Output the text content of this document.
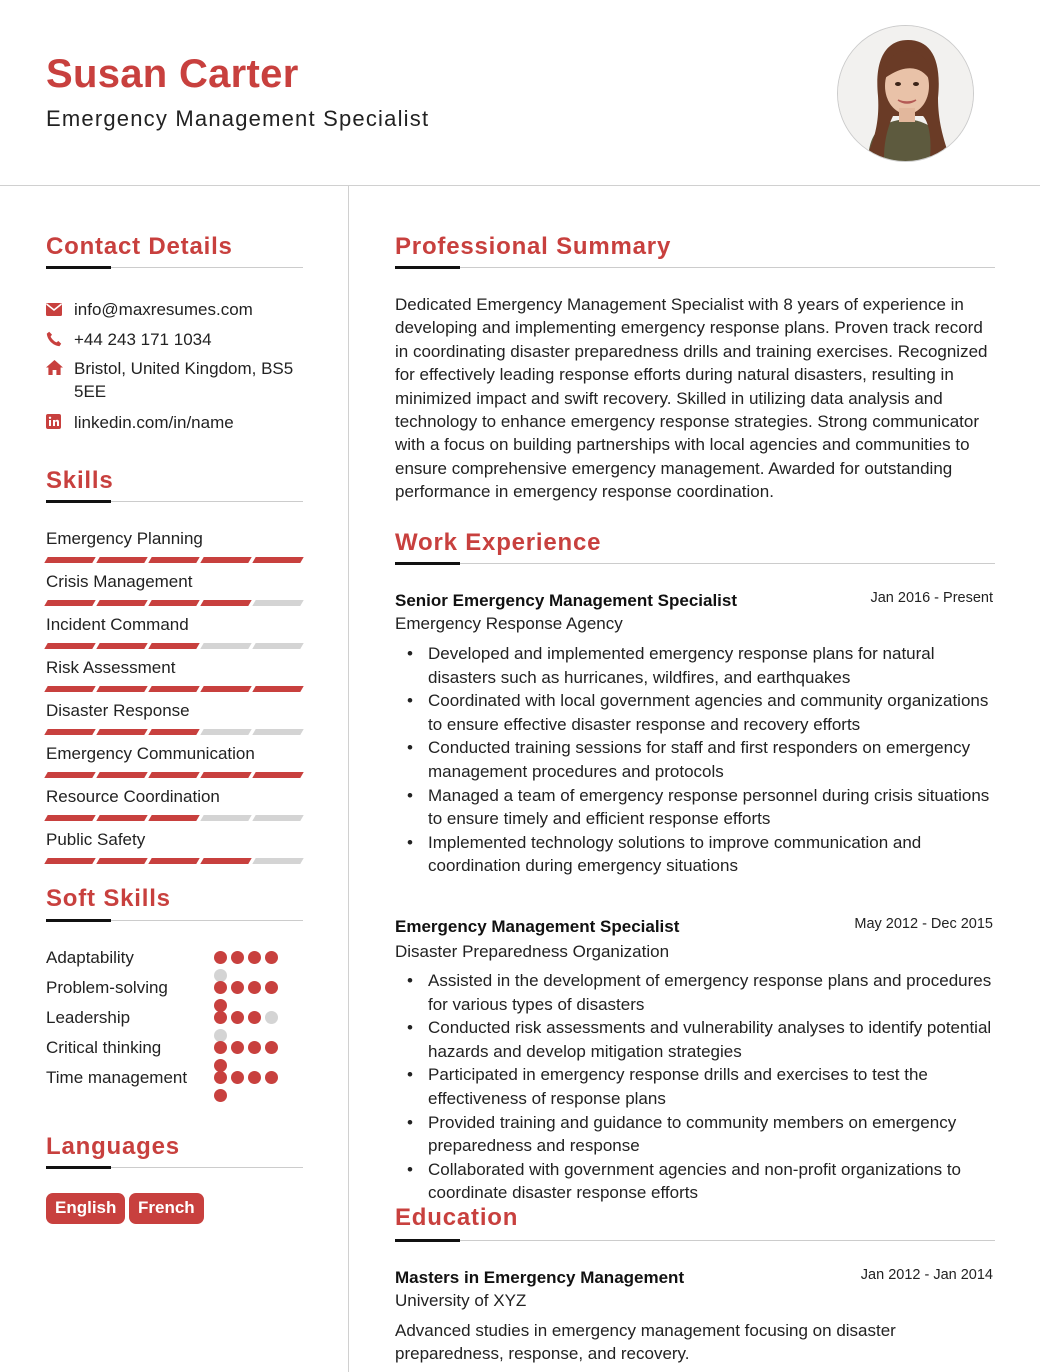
Susan Carter
Emergency Management Specialist
Contact Details
info@maxresumes.com
+44 243 171 1034
Bristol, United Kingdom, BS5 5EE
linkedin.com/in/name
Skills
Emergency Planning
Crisis Management
Incident Command
Risk Assessment
Disaster Response
Emergency Communication
Resource Coordination
Public Safety
Soft Skills
Adaptability
Problem-solving
Leadership
Critical thinking
Time management
Languages
English	French
Professional Summary
Dedicated Emergency Management Specialist with 8 years of experience in developing and implementing emergency response plans. Proven track record in coordinating disaster preparedness drills and training exercises. Recognized for effectively leading response efforts during natural disasters, resulting in minimized impact and swift recovery. Skilled in utilizing data analysis and technology to enhance emergency response strategies. Strong communicator with a focus on building partnerships with local agencies and communities to ensure comprehensive emergency management. Awarded for outstanding performance in emergency response coordination.
Work Experience
Senior Emergency Management Specialist	Jan 2016 - Present
Emergency Response Agency
• Developed and implemented emergency response plans for natural disasters such as hurricanes, wildfires, and earthquakes
• Coordinated with local government agencies and community organizations to ensure effective disaster response and recovery efforts
• Conducted training sessions for staff and first responders on emergency management procedures and protocols
• Managed a team of emergency response personnel during crisis situations to ensure timely and efficient response efforts
• Implemented technology solutions to improve communication and coordination during emergency situations
Emergency Management Specialist	May 2012 - Dec 2015
Disaster Preparedness Organization
• Assisted in the development of emergency response plans and procedures for various types of disasters
• Conducted risk assessments and vulnerability analyses to identify potential hazards and develop mitigation strategies
• Participated in emergency response drills and exercises to test the effectiveness of response plans
• Provided training and guidance to community members on emergency preparedness and response
• Collaborated with government agencies and non-profit organizations to coordinate disaster response efforts
Education
Masters in Emergency Management	Jan 2012 - Jan 2014
University of XYZ
Advanced studies in emergency management focusing on disaster preparedness, response, and recovery.
